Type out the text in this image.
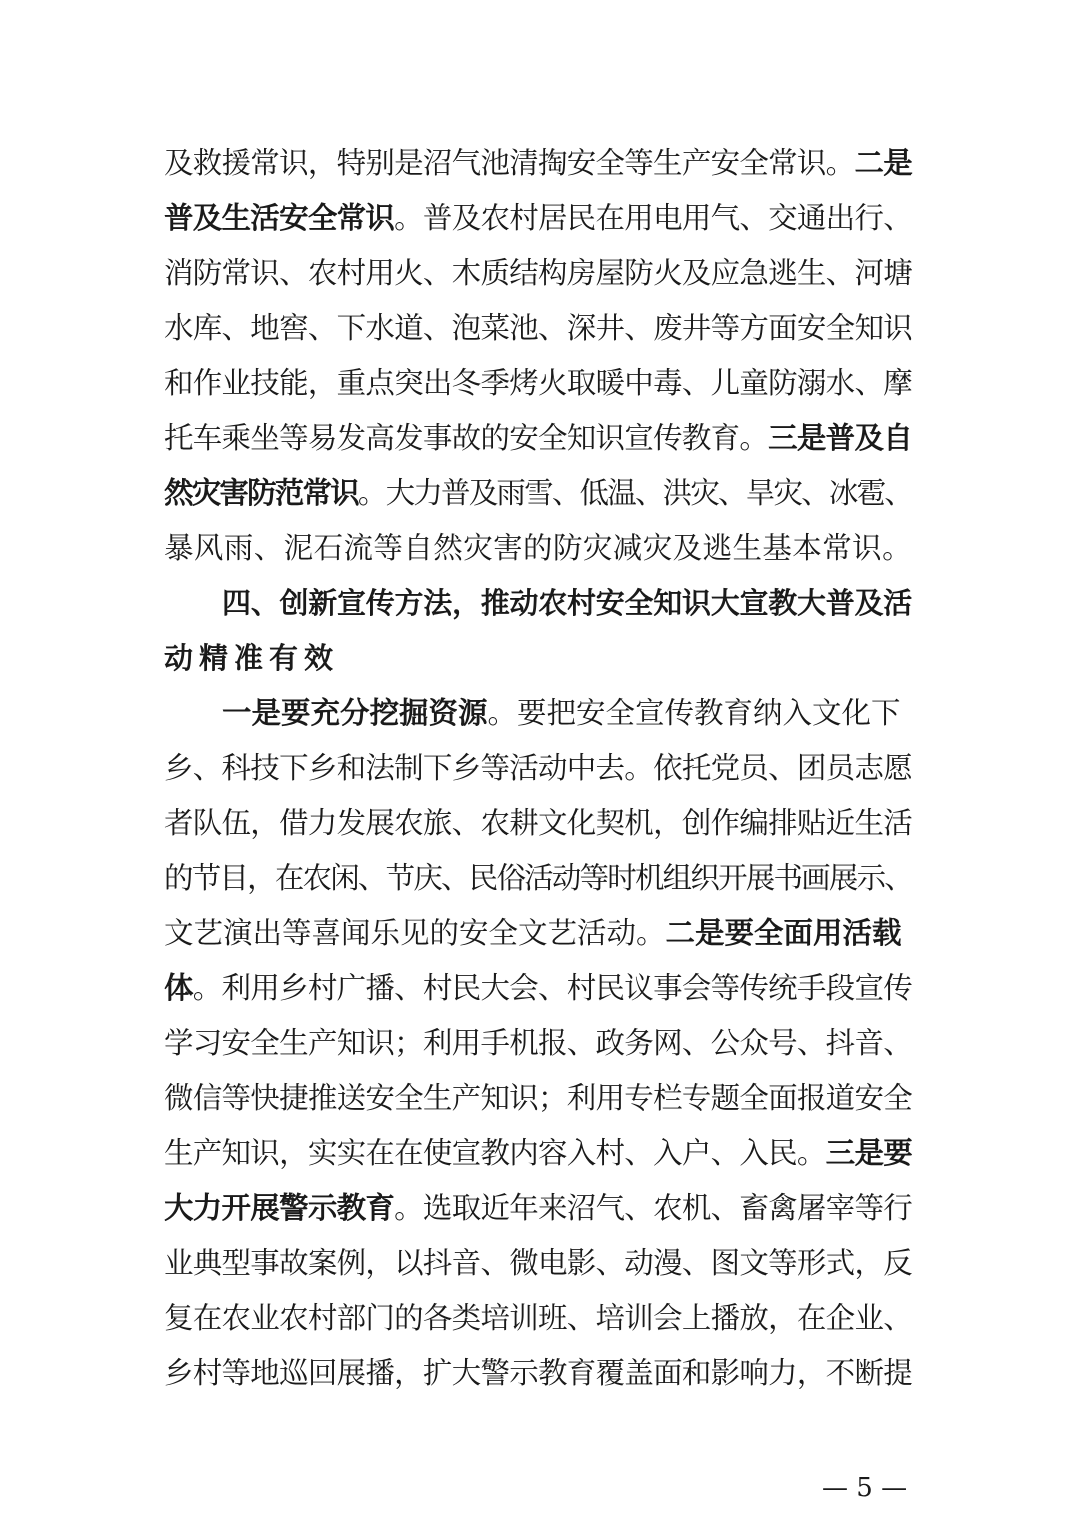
及救援常识，特别是沼气池清掏安全等生产安全常识。二是
普及生活安全常识。普及农村居民在用电用气、交通出行、
消防常识、农村用火、木质结构房屋防火及应急逃生、河塘
水库、地窖、下水道、泡菜池、深井、废井等方面安全知识
和作业技能，重点突出冬季烤火取暖中毒、儿童防溺水、摩
托车乘坐等易发高发事故的安全知识宣传教育。三是普及自
然灾害防范常识。大力普及雨雪、低温、洪灾、旱灾、冰雹、
暴风雨、泥石流等自然灾害的防灾减灾及逃生基本常识。
四、创新宣传方法，推动农村安全知识大宣教大普及活
动精准有效
一是要充分挖掘资源。要把安全宣传教育纳入文化下
乡、科技下乡和法制下乡等活动中去。依托党员、团员志愿
者队伍，借力发展农旅、农耕文化契机，创作编排贴近生活
的节目，在农闲、节庆、民俗活动等时机组织开展书画展示、
文艺演出等喜闻乐见的安全文艺活动。二是要全面用活载
体。利用乡村广播、村民大会、村民议事会等传统手段宣传
学习安全生产知识；利用手机报、政务网、公众号、抖音、
微信等快捷推送安全生产知识；利用专栏专题全面报道安全
生产知识，实实在在使宣教内容入村、入户、入民。三是要
大力开展警示教育。选取近年来沼气、农机、畜禽屠宰等行
业典型事故案例，以抖音、微电影、动漫、图文等形式，反
复在农业农村部门的各类培训班、培训会上播放，在企业、
乡村等地巡回展播，扩大警示教育覆盖面和影响力，不断提
— 5 —
